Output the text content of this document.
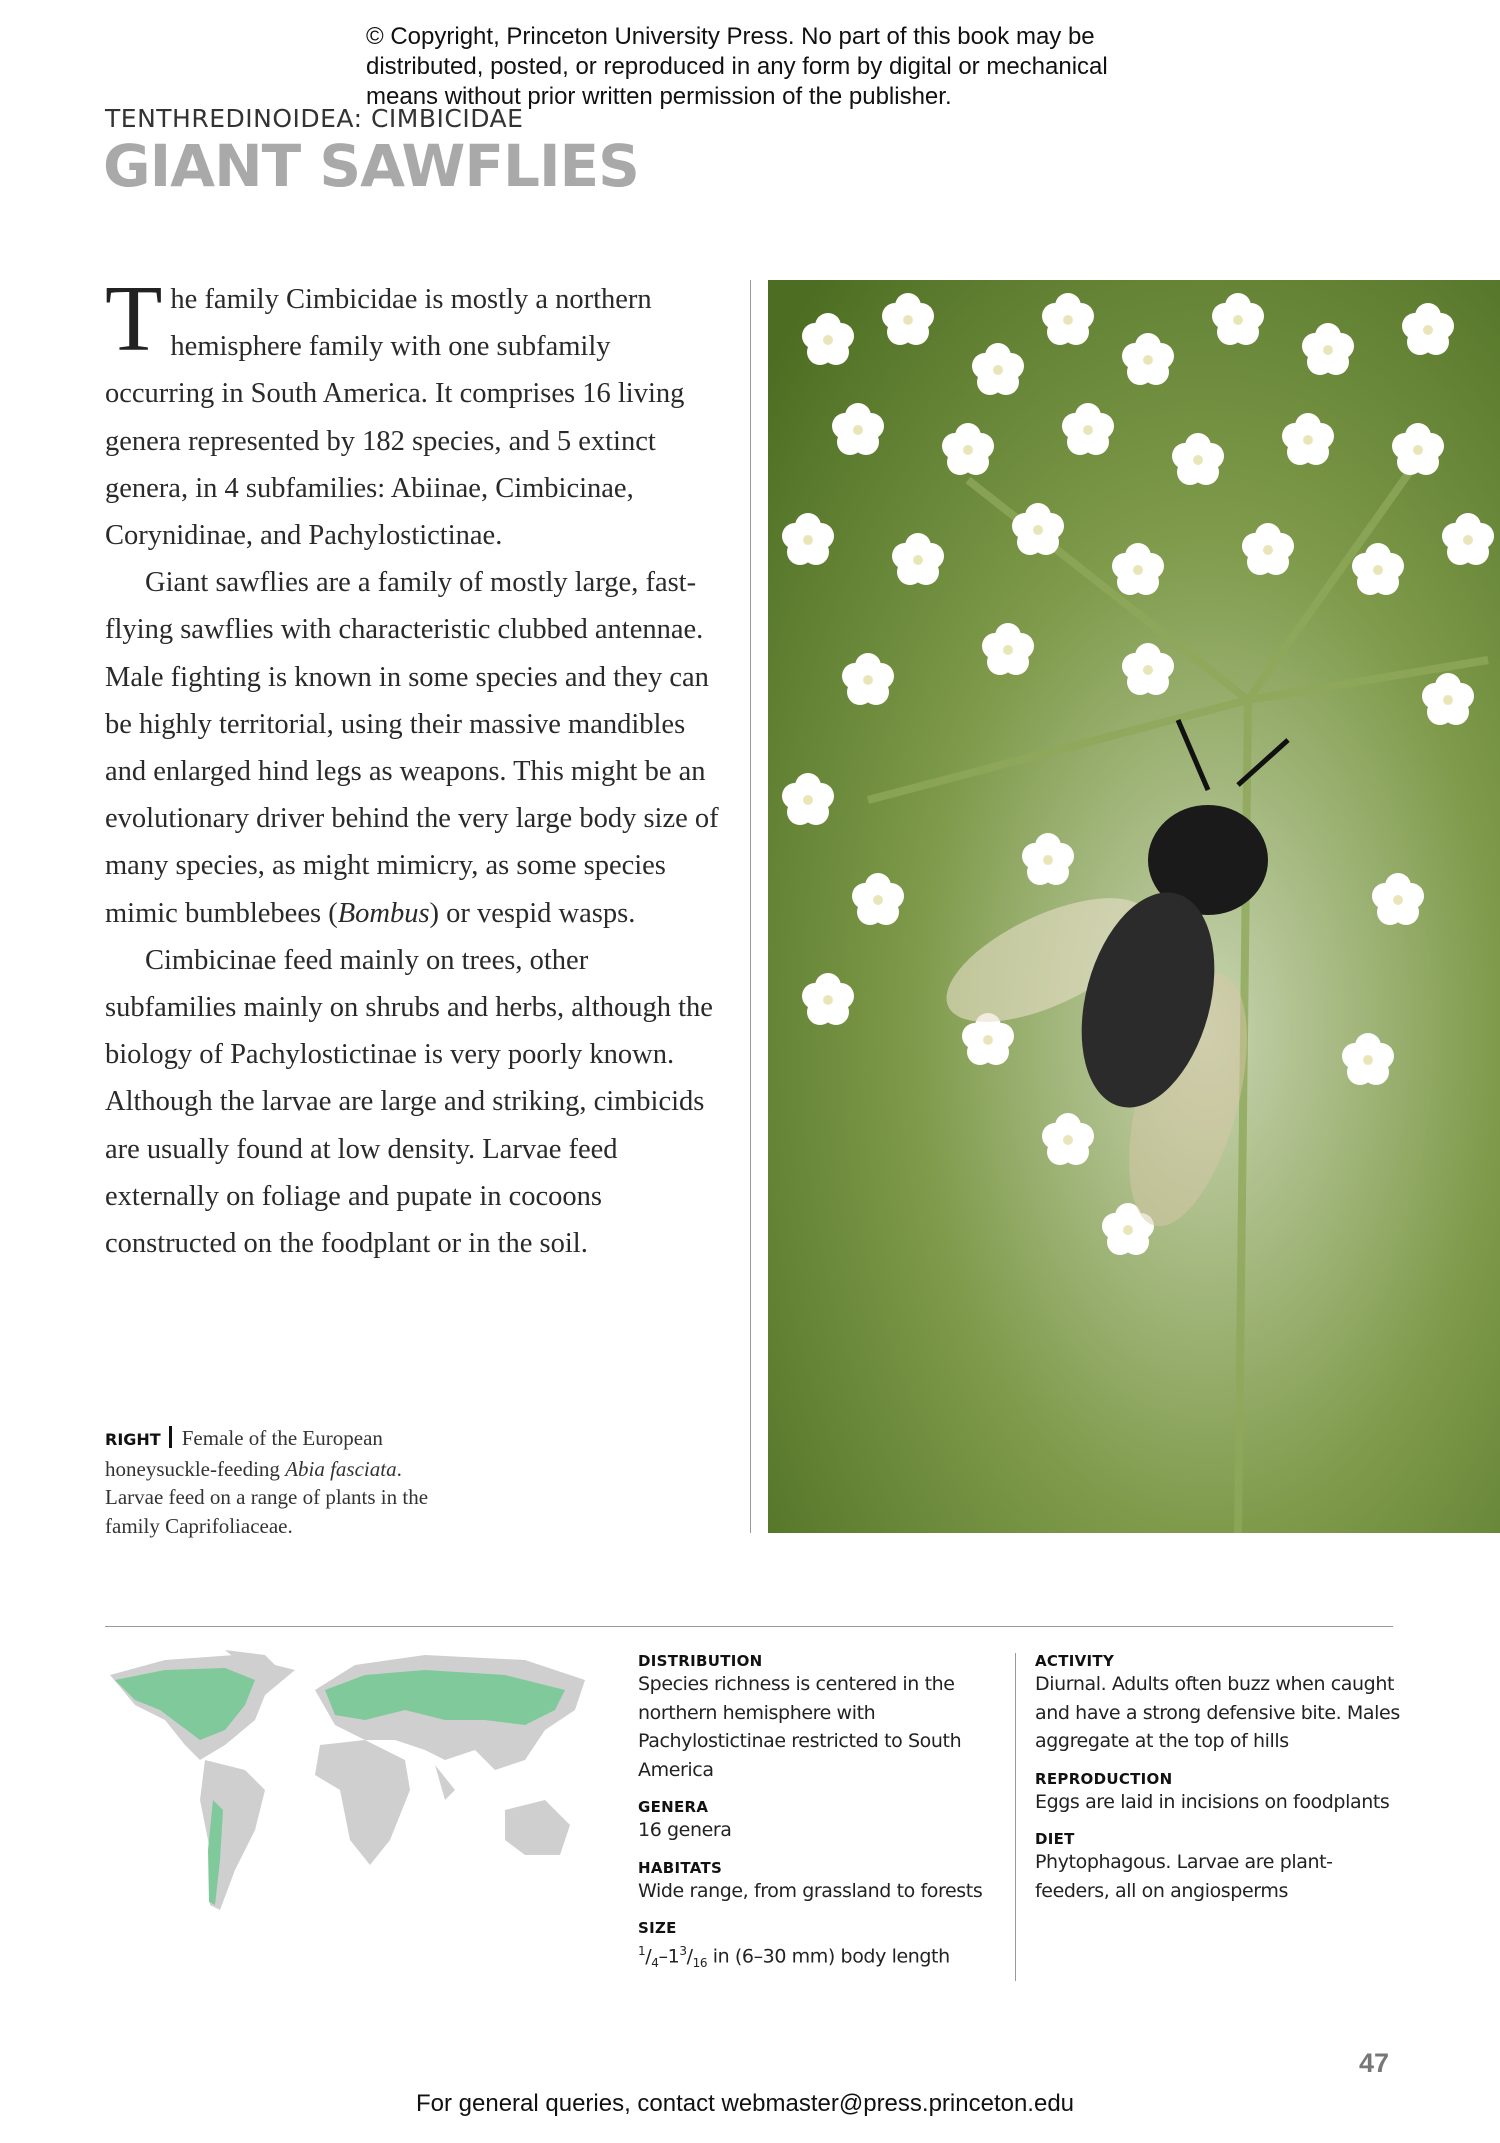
© Copyright, Princeton University Press. No part of this book may be distributed, posted, or reproduced in any form by digital or mechanical means without prior written permission of the publisher.
TENTHREDINOIDEA: CIMBICIDAE
GIANT SAWFLIES

The family Cimbicidae is mostly a northern hemisphere family with one subfamily occurring in South America. It comprises 16 living genera represented by 182 species, and 5 extinct genera, in 4 subfamilies: Abiinae, Cimbicinae, Corynidinae, and Pachylostictinae.

Giant sawflies are a family of mostly large, fast-flying sawflies with characteristic clubbed antennae. Male fighting is known in some species and they can be highly territorial, using their massive mandibles and enlarged hind legs as weapons. This might be an evolutionary driver behind the very large body size of many species, as might mimicry, as some species mimic bumblebees (Bombus) or vespid wasps.

Cimbicinae feed mainly on trees, other subfamilies mainly on shrubs and herbs, although the biology of Pachylostictinae is very poorly known. Although the larvae are large and striking, cimbicids are usually found at low density. Larvae feed externally on foliage and pupate in cocoons constructed on the foodplant or in the soil.

RIGHT Female of the European honeysuckle-feeding Abia fasciata. Larvae feed on a range of plants in the family Caprifoliaceae.
DISTRIBUTION
Species richness is centered in the northern hemisphere with Pachylostictinae restricted to South America
GENERA
16 genera
HABITATS
Wide range, from grassland to forests
SIZE
$^1/_4-1^3/_{16}$ in (6–30 mm) body length
ACTIVITY
Diurnal. Adults often buzz when caught and have a strong defensive bite. Males aggregate at the top of hills
REPRODUCTION
Eggs are laid in incisions on foodplants
DIET
Phytophagous. Larvae are plant-feeders, all on angiosperms
47
For general queries, contact webmaster@press.princeton.edu
